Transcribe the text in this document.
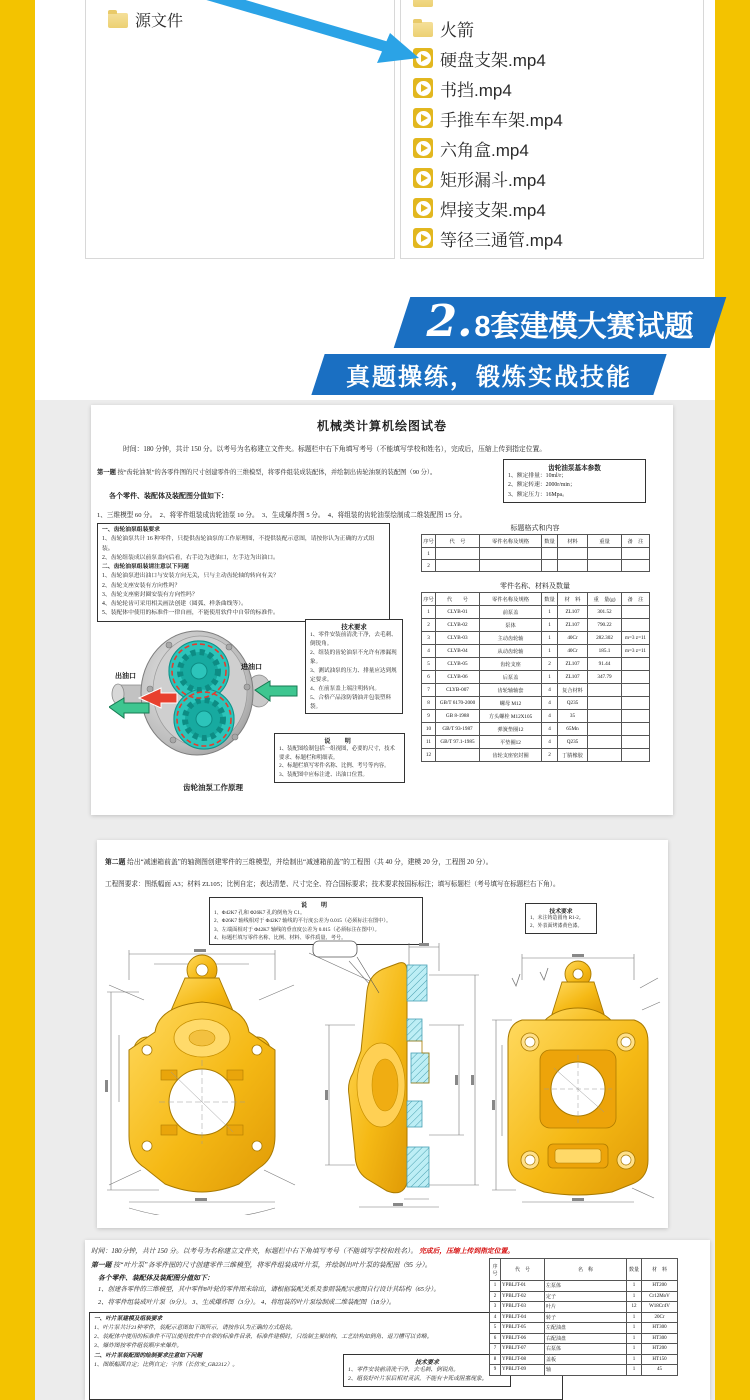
源文件	火箭
硬盘支架.mp4
书挡.mp4
手推车车架.mp4
六角盒.mp4
矩形漏斗.mp4
焊接支架.mp4
等径三通管.mp4
2. 8套建模大赛试题
真题操练，锻炼实战技能
机械类计算机绘图试卷
时间：180 分钟，共计 150 分。以考号为名称建立文件夹。标题栏中右下角填写考号（不能填写学校和姓名），完成后，压缩上传到指定位置。
第一题 按“齿轮油泵”的各零件图的尺寸创建零件的三维模型，将零件组装成装配体，并绘制出齿轮油泵的装配图（90 分）。
齿轮油泵基本参数
1、额定排量：10ml/r；
2、额定转速：2000r/min；
3、额定压力：16Mpa。
各个零件、装配体及装配图分值如下：
1、三维模型 60 分。　2、将零件组装成齿轮油泵 10 分。　3、生成爆炸图 5 分。　4、将组装的齿轮油泵绘制成二维装配图 15 分。
一、齿轮油泵组装要求
1、齿轮油泵共计 16 种零件，只提供齿轮油泵的工作原理图，不提供装配示意图，请按你认为正确的方式组装。
2、齿轮组装成以前泵盖向后看，右手边为进油口，左手边为出油口。
二、齿轮油泵组装请注意以下问题
1、齿轮油泵进出油口与安装方向无关，只与主动齿轮轴的转向有关？
2、齿轮支座安装有方向性吗？
3、齿轮支座密封圈安装有方向性吗？
4、齿轮轮齿可采用相关画法创建（圆弧、样条曲线等）。
5、装配体中使用的标准件一律自画，不能使用软件中自带的标准件。
标题格式和内容
序号	代　号	零件名称及规格	数量	材料	重量	备　注
1						
2						
零件名称、材料及数量
序号	代　　号	零件名称及规格	数量	材　料	重　量(g)	备　注
1	CLYB-01	前泵盖	1	ZL107	301.52	
2	CLYB-02	泵体	1	ZL107	790.22	
3	CLYB-03	主动齿轮轴	1	40Cr	282.302	m=3 z=11
4	CLYB-04	从动齿轮轴	1	40Cr	185.1	m=3 z=11
5	CLYB-05	齿轮支座	2	ZL107	91.44	
6	CLYB-06	后泵盖	1	ZL107	347.79	
7	CLYB-007	齿轮轴轴套	4	复合材料		
8	GB/T 6170-2000	螺母 M12	4	Q235		
9	GB 8-1988	方头螺栓 M12X105	4	35		
10	GB/T 93-1987	弹簧垫圈12	4	65Mn		
11	GB/T 97.1-1985	平垫圈12	4	Q235		
12		齿轮支座密封圈	2	丁腈橡胶		
出油口
进油口
齿轮油泵工作原理
技术要求
1、零件安装前清洗干净，去毛刺、倒锐角。
2、组装的齿轮油泵不允许有渗漏现象。
3、测试油泵的压力、排量应达到规定要求。
4、在前泵盖上端注明转向。
5、合格产品涂防锈油并包装塑料袋。
说　明
1、装配图绘制包括一组视图，必要的尺寸，技术要求、标题栏和明细表。
2、标题栏填写零件名称、比例、考号等内容。
3、装配图中应标注进、出油口位置。
第二题 给出“减速箱前盖”的轴测图创建零件的三维模型，并绘制出“减速箱前盖”的工程图（共 40 分，建模 20 分，工程图 20 分）。
工程图要求：图纸幅面 A3；材料 ZL105；比例自定；表达清楚、尺寸完全、符合国标要求；技术要求按国标标注；填写标题栏（考号填写在标题栏右下角）。
说　明
1、Φ42K7 孔和 Φ26K7 孔的倒角为 C1。
2、Φ26K7 轴线相对于 Φ42K7 轴线的平行度公差为 0.015（必须标注在图中）。
3、左端面相对于 Φ42K7 轴线的垂直度公差为 0.015（必须标注在图中）。
4、标题栏填写零件名称、比例、材料、零件质量、考号。
技术要求
1、未注铸造圆角 R1-2。
2、外表面烤漆黄色漆。
时间：180分钟，共计 150 分。以考号为名称建立文件夹，标题栏中右下角填写考号（不能填写学校和姓名）。 完成后，压缩上传到指定位置。
第一题 按“叶片泵”各零件图的尺寸创建零件三维模型，将零件组装成叶片泵，并绘制出叶片泵的装配图（95 分）。
各个零件、装配体及装配图分值如下：
1、创建各零件的三维模型，其中零件8叶轮的零件图未给出，请根据装配关系及参照装配示意图自行设计其结构（65分）。
2、将零件组装成叶片泵（9分）。 3、生成爆炸图（3分）。 4、将组装的叶片泵绘制成二维装配图（18分）。
一、叶片泵建模及组装要求
1、叶片泵共计21种零件，装配示意图如下图所示，请按你认为正确的方式组装。
2、装配体中使用的标准件不可以使用软件中自带的标准件目录，标准件建模时，只绘制主要结构，工艺结构如倒角、退刀槽可以省略。
3、爆炸图按零件组装顺序来爆炸。
二、叶片泵装配图的绘制要求注意如下问题
1、图纸幅面自定；比例自定；字体（长仿宋_GB2312）。	技术要求
1、零件安装前清洗干净，去毛刺、倒锐角。
2、组装好叶片泵后相对灵活，不能有卡死或阻塞现象。
序号	代　号	名　称	数量	材　料
1	YPBLJT-01	左泵体	1	HT200
2	YPBLJT-02	定子	1	Cr12MoV
3	YPBLJT-03	叶片	12	W18Cr4V
4	YPBLJT-04	转子	1	20Cr
5	YPBLJT-05	左配油盘	1	HT300
6	YPBLJT-06	右配油盘	1	HT300
7	YPBLJT-07	右泵体	1	HT200
8	YPBLJT-08	盖板	1	HT150
9	YPBLJT-09	轴	1	45
